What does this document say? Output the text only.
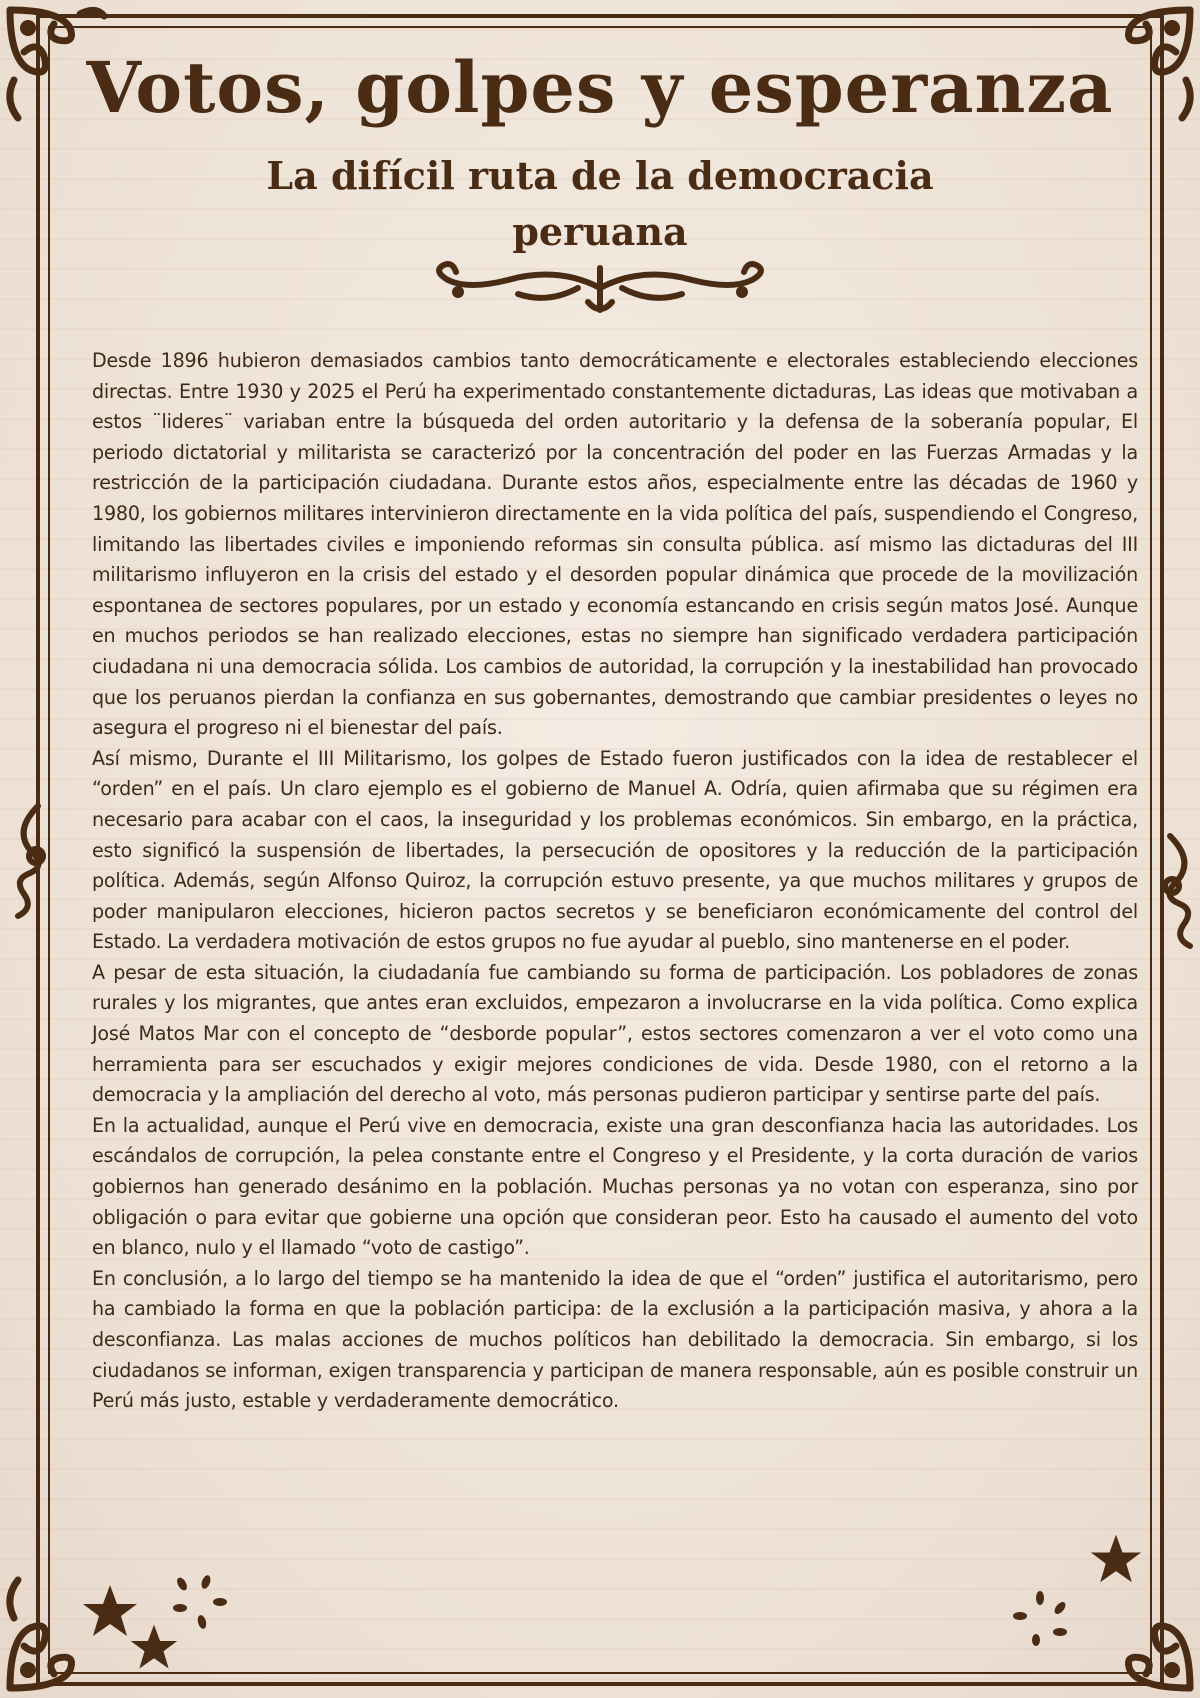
Votos, golpes y esperanza
La difícil ruta de la democracia peruana

Desde 1896 hubieron demasiados cambios tanto democráticamente e electorales estableciendo elecciones directas. Entre 1930 y 2025 el Perú ha experimentado constantemente dictaduras, Las ideas que motivaban a estos ¨lideres¨ variaban entre la búsqueda del orden autoritario y la defensa de la soberanía popular, El periodo dictatorial y militarista se caracterizó por la concentración del poder en las Fuerzas Armadas y la restricción de la participación ciudadana. Durante estos años, especialmente entre las décadas de 1960 y 1980, los gobiernos militares intervinieron directamente en la vida política del país, suspendiendo el Congreso, limitando las libertades civiles e imponiendo reformas sin consulta pública. así mismo las dictaduras del III militarismo influyeron en la crisis del estado y el desorden popular dinámica que procede de la movilización espontanea de sectores populares, por un estado y economía estancando en crisis según matos José. Aunque en muchos periodos se han realizado elecciones, estas no siempre han significado verdadera participación ciudadana ni una democracia sólida. Los cambios de autoridad, la corrupción y la inestabilidad han provocado que los peruanos pierdan la confianza en sus gobernantes, demostrando que cambiar presidentes o leyes no asegura el progreso ni el bienestar del país.

Así mismo, Durante el III Militarismo, los golpes de Estado fueron justificados con la idea de restablecer el “orden” en el país. Un claro ejemplo es el gobierno de Manuel A. Odría, quien afirmaba que su régimen era necesario para acabar con el caos, la inseguridad y los problemas económicos. Sin embargo, en la práctica, esto significó la suspensión de libertades, la persecución de opositores y la reducción de la participación política. Además, según Alfonso Quiroz, la corrupción estuvo presente, ya que muchos militares y grupos de poder manipularon elecciones, hicieron pactos secretos y se beneficiaron económicamente del control del Estado. La verdadera motivación de estos grupos no fue ayudar al pueblo, sino mantenerse en el poder.

A pesar de esta situación, la ciudadanía fue cambiando su forma de participación. Los pobladores de zonas rurales y los migrantes, que antes eran excluidos, empezaron a involucrarse en la vida política. Como explica José Matos Mar con el concepto de “desborde popular”, estos sectores comenzaron a ver el voto como una herramienta para ser escuchados y exigir mejores condiciones de vida. Desde 1980, con el retorno a la democracia y la ampliación del derecho al voto, más personas pudieron participar y sentirse parte del país.

En la actualidad, aunque el Perú vive en democracia, existe una gran desconfianza hacia las autoridades. Los escándalos de corrupción, la pelea constante entre el Congreso y el Presidente, y la corta duración de varios gobiernos han generado desánimo en la población. Muchas personas ya no votan con esperanza, sino por obligación o para evitar que gobierne una opción que consideran peor. Esto ha causado el aumento del voto en blanco, nulo y el llamado “voto de castigo”.

En conclusión, a lo largo del tiempo se ha mantenido la idea de que el “orden” justifica el autoritarismo, pero ha cambiado la forma en que la población participa: de la exclusión a la participación masiva, y ahora a la desconfianza. Las malas acciones de muchos políticos han debilitado la democracia. Sin embargo, si los ciudadanos se informan, exigen transparencia y participan de manera responsable, aún es posible construir un Perú más justo, estable y verdaderamente democrático.
